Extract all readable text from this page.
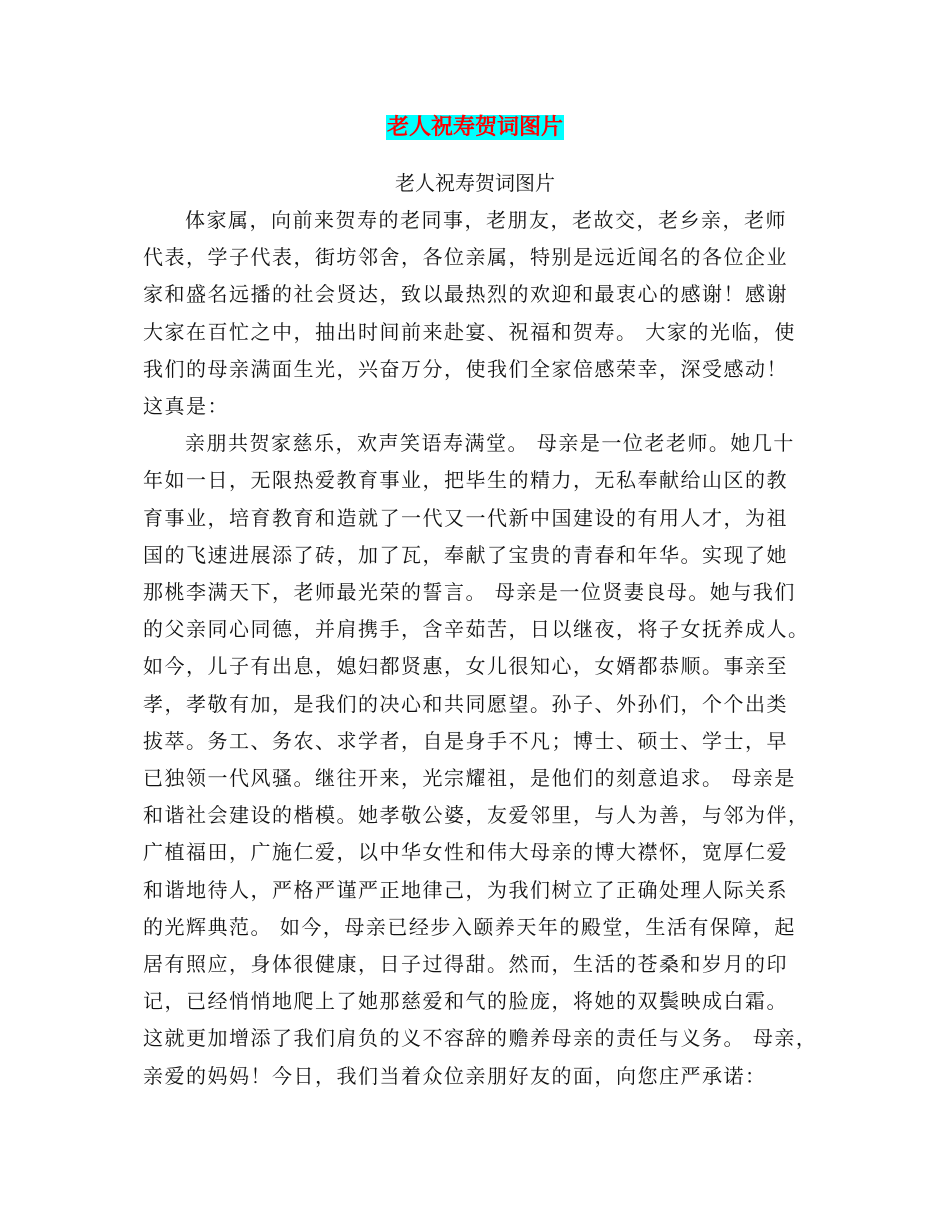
老人祝寿贺词图片
老人祝寿贺词图片
体家属，向前来贺寿的老同事，老朋友，老故交，老乡亲，老师
代表，学子代表，街坊邻舍，各位亲属，特别是远近闻名的各位企业
家和盛名远播的社会贤达，致以最热烈的欢迎和最衷心的感谢！感谢
大家在百忙之中，抽出时间前来赴宴、祝福和贺寿。 大家的光临，使
我们的母亲满面生光，兴奋万分，使我们全家倍感荣幸，深受感动！
这真是：
亲朋共贺家慈乐，欢声笑语寿满堂。 母亲是一位老老师。她几十
年如一日，无限热爱教育事业，把毕生的精力，无私奉献给山区的教
育事业，培育教育和造就了一代又一代新中国建设的有用人才，为祖
国的飞速进展添了砖，加了瓦，奉献了宝贵的青春和年华。实现了她
那桃李满天下，老师最光荣的誓言。 母亲是一位贤妻良母。她与我们
的父亲同心同德，并肩携手，含辛茹苦，日以继夜，将子女抚养成人。
如今，儿子有出息，媳妇都贤惠，女儿很知心，女婿都恭顺。事亲至
孝，孝敬有加，是我们的决心和共同愿望。孙子、外孙们，个个出类
拔萃。务工、务农、求学者，自是身手不凡；博士、硕士、学士，早
已独领一代风骚。继往开来，光宗耀祖，是他们的刻意追求。 母亲是
和谐社会建设的楷模。她孝敬公婆，友爱邻里，与人为善，与邻为伴，
广植福田，广施仁爱，以中华女性和伟大母亲的博大襟怀，宽厚仁爱
和谐地待人，严格严谨严正地律己，为我们树立了正确处理人际关系
的光辉典范。 如今，母亲已经步入颐养天年的殿堂，生活有保障，起
居有照应，身体很健康，日子过得甜。然而，生活的苍桑和岁月的印
记，已经悄悄地爬上了她那慈爱和气的脸庞，将她的双鬓映成白霜。
这就更加增添了我们肩负的义不容辞的赡养母亲的责任与义务。 母亲，
亲爱的妈妈！今日，我们当着众位亲朋好友的面，向您庄严承诺：
